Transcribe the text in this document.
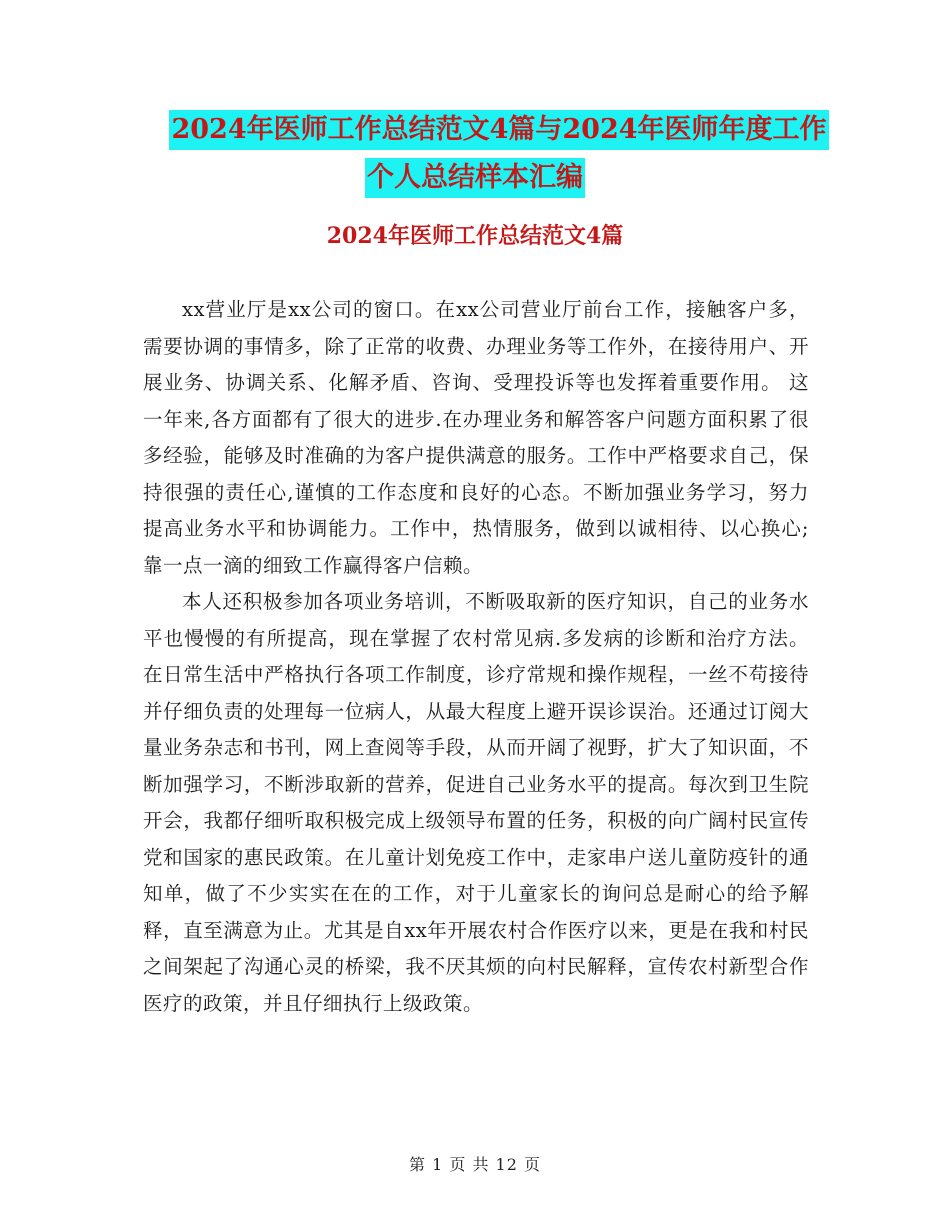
2024年医师工作总结范文4篇与2024年医师年度工作
个人总结样本汇编
2024年医师工作总结范文4篇

xx营业厅是xx公司的窗口。在xx公司营业厅前台工作，接触客户多，需要协调的事情多，除了正常的收费、办理业务等工作外，在接待用户、开展业务、协调关系、化解矛盾、咨询、受理投诉等也发挥着重要作用。 这一年来,各方面都有了很大的进步.在办理业务和解答客户问题方面积累了很多经验，能够及时准确的为客户提供满意的服务。工作中严格要求自己，保持很强的责任心,谨慎的工作态度和良好的心态。不断加强业务学习，努力提高业务水平和协调能力。工作中，热情服务，做到以诚相待、以心换心;靠一点一滴的细致工作赢得客户信赖。

本人还积极参加各项业务培训，不断吸取新的医疗知识，自己的业务水平也慢慢的有所提高，现在掌握了农村常见病.多发病的诊断和治疗方法。在日常生活中严格执行各项工作制度，诊疗常规和操作规程，一丝不苟接待并仔细负责的处理每一位病人，从最大程度上避开误诊误治。还通过订阅大量业务杂志和书刊，网上查阅等手段，从而开阔了视野，扩大了知识面，不断加强学习，不断涉取新的营养，促进自己业务水平的提高。每次到卫生院开会，我都仔细听取积极完成上级领导布置的任务，积极的向广阔村民宣传党和国家的惠民政策。在儿童计划免疫工作中，走家串户送儿童防疫针的通知单，做了不少实实在在的工作，对于儿童家长的询问总是耐心的给予解释，直至满意为止。尤其是自xx年开展农村合作医疗以来，更是在我和村民之间架起了沟通心灵的桥梁，我不厌其烦的向村民解释，宣传农村新型合作医疗的政策，并且仔细执行上级政策。

第 1 页 共 12 页
